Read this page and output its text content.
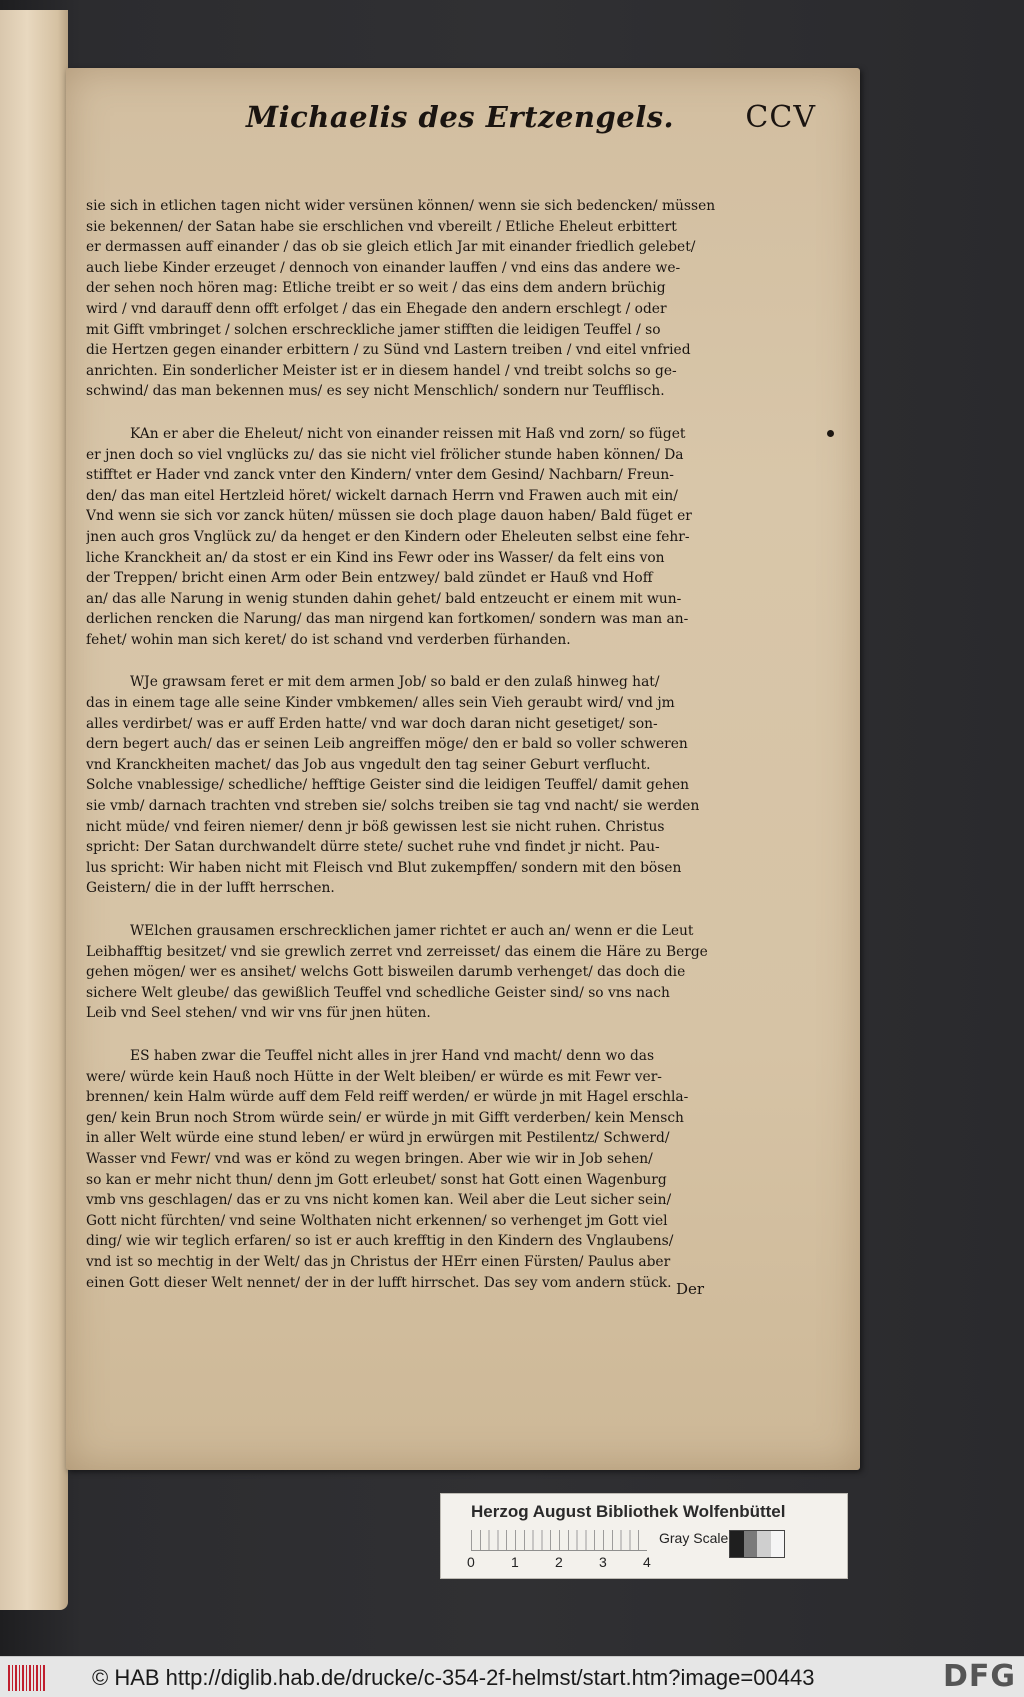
Michaelis des Ertzengels. CCV
sie sich in etlichen tagen nicht wider versünen können/ wenn sie sich bedencken/ müssen
sie bekennen/ der Satan habe sie erschlichen vnd vbereilt / Etliche Eheleut erbittert
er dermassen auff einander / das ob sie gleich etlich Jar mit einander friedlich gelebet/
auch liebe Kinder erzeuget / dennoch von einander lauffen / vnd eins das andere we-
der sehen noch hören mag: Etliche treibt er so weit / das eins dem andern brüchig
wird / vnd darauff denn offt erfolget / das ein Ehegade den andern erschlegt / oder
mit Gifft vmbringet / solchen erschreckliche jamer stifften die leidigen Teuffel / so
die Hertzen gegen einander erbittern / zu Sünd vnd Lastern treiben / vnd eitel vnfried
anrichten. Ein sonderlicher Meister ist er in diesem handel / vnd treibt solchs so ge-
schwind/ das man bekennen mus/ es sey nicht Menschlich/ sondern nur Teufflisch.
KAn er aber die Eheleut/ nicht von einander reissen mit Haß vnd zorn/ so füget
er jnen doch so viel vnglücks zu/ das sie nicht viel frölicher stunde haben können/ Da
stifftet er Hader vnd zanck vnter den Kindern/ vnter dem Gesind/ Nachbarn/ Freun-
den/ das man eitel Hertzleid höret/ wickelt darnach Herrn vnd Frawen auch mit ein/
Vnd wenn sie sich vor zanck hüten/ müssen sie doch plage dauon haben/ Bald füget er
jnen auch gros Vnglück zu/ da henget er den Kindern oder Eheleuten selbst eine fehr-
liche Kranckheit an/ da stost er ein Kind ins Fewr oder ins Wasser/ da felt eins von
der Treppen/ bricht einen Arm oder Bein entzwey/ bald zündet er Hauß vnd Hoff
an/ das alle Narung in wenig stunden dahin gehet/ bald entzeucht er einem mit wun-
derlichen rencken die Narung/ das man nirgend kan fortkomen/ sondern was man an-
fehet/ wohin man sich keret/ do ist schand vnd verderben fürhanden.
WJe grawsam feret er mit dem armen Job/ so bald er den zulaß hinweg hat/
das in einem tage alle seine Kinder vmbkemen/ alles sein Vieh geraubt wird/ vnd jm
alles verdirbet/ was er auff Erden hatte/ vnd war doch daran nicht gesetiget/ son-
dern begert auch/ das er seinen Leib angreiffen möge/ den er bald so voller schweren
vnd Kranckheiten machet/ das Job aus vngedult den tag seiner Geburt verflucht.
Solche vnablessige/ schedliche/ hefftige Geister sind die leidigen Teuffel/ damit gehen
sie vmb/ darnach trachten vnd streben sie/ solchs treiben sie tag vnd nacht/ sie werden
nicht müde/ vnd feiren niemer/ denn jr böß gewissen lest sie nicht ruhen. Christus
spricht: Der Satan durchwandelt dürre stete/ suchet ruhe vnd findet jr nicht. Pau-
lus spricht: Wir haben nicht mit Fleisch vnd Blut zukempffen/ sondern mit den bösen
Geistern/ die in der lufft herrschen.
WElchen grausamen erschrecklichen jamer richtet er auch an/ wenn er die Leut
Leibhafftig besitzet/ vnd sie grewlich zerret vnd zerreisset/ das einem die Häre zu Berge
gehen mögen/ wer es ansihet/ welchs Gott bisweilen darumb verhenget/ das doch die
sichere Welt gleube/ das gewißlich Teuffel vnd schedliche Geister sind/ so vns nach
Leib vnd Seel stehen/ vnd wir vns für jnen hüten.
ES haben zwar die Teuffel nicht alles in jrer Hand vnd macht/ denn wo das
were/ würde kein Hauß noch Hütte in der Welt bleiben/ er würde es mit Fewr ver-
brennen/ kein Halm würde auff dem Feld reiff werden/ er würde jn mit Hagel erschla-
gen/ kein Brun noch Strom würde sein/ er würde jn mit Gifft verderben/ kein Mensch
in aller Welt würde eine stund leben/ er würd jn erwürgen mit Pestilentz/ Schwerd/
Wasser vnd Fewr/ vnd was er könd zu wegen bringen. Aber wie wir in Job sehen/
so kan er mehr nicht thun/ denn jm Gott erleubet/ sonst hat Gott einen Wagenburg
vmb vns geschlagen/ das er zu vns nicht komen kan. Weil aber die Leut sicher sein/
Gott nicht fürchten/ vnd seine Wolthaten nicht erkennen/ so verhenget jm Gott viel
ding/ wie wir teglich erfaren/ so ist er auch krefftig in den Kindern des Vnglaubens/
vnd ist so mechtig in der Welt/ das jn Christus der HErr einen Fürsten/ Paulus aber
einen Gott dieser Welt nennet/ der in der lufft hirrschet. Das sey vom andern stück. Der
Herzog August Bibliothek Wolfenbüttel
0	1	2	3	4
Gray Scale
© HAB http://diglib.hab.de/drucke/c-354-2f-helmst/start.htm?image=00443	DFG
